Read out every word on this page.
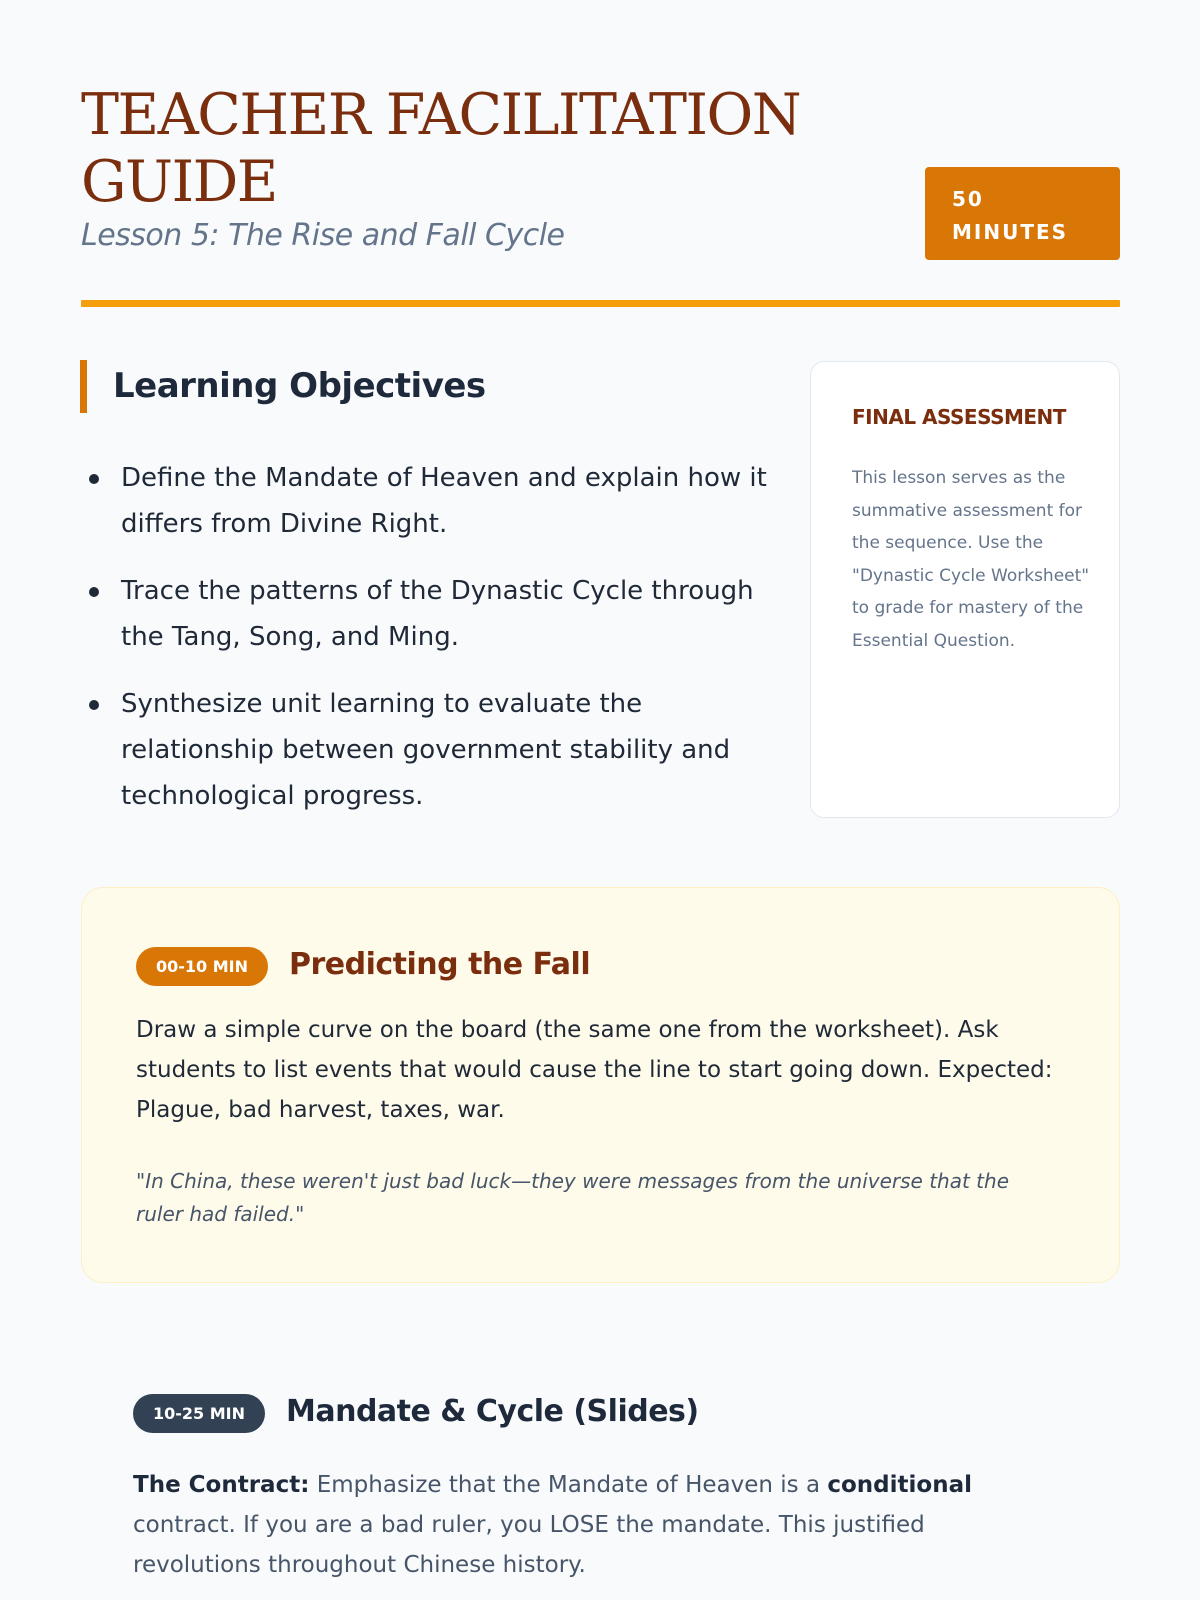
TEACHER FACILITATION GUIDE

Lesson 5: The Rise and Fall Cycle

50
MINUTES
Learning Objectives
Define the Mandate of Heaven and explain how it differs from Divine Right.
Trace the patterns of the Dynastic Cycle through the Tang, Song, and Ming.
Synthesize unit learning to evaluate the relationship between government stability and technological progress.
FINAL ASSESSMENT

This lesson serves as the summative assessment for the sequence. Use the "Dynastic Cycle Worksheet" to grade for mastery of the Essential Question.

00-10 MIN	Predicting the Fall

Draw a simple curve on the board (the same one from the worksheet). Ask students to list events that would cause the line to start going down. Expected: Plague, bad harvest, taxes, war.

"In China, these weren't just bad luck—they were messages from the universe that the ruler had failed."

10-25 MIN	Mandate & Cycle (Slides)

The Contract: Emphasize that the Mandate of Heaven is a conditional contract. If you are a bad ruler, you LOSE the mandate. This justified revolutions throughout Chinese history.
